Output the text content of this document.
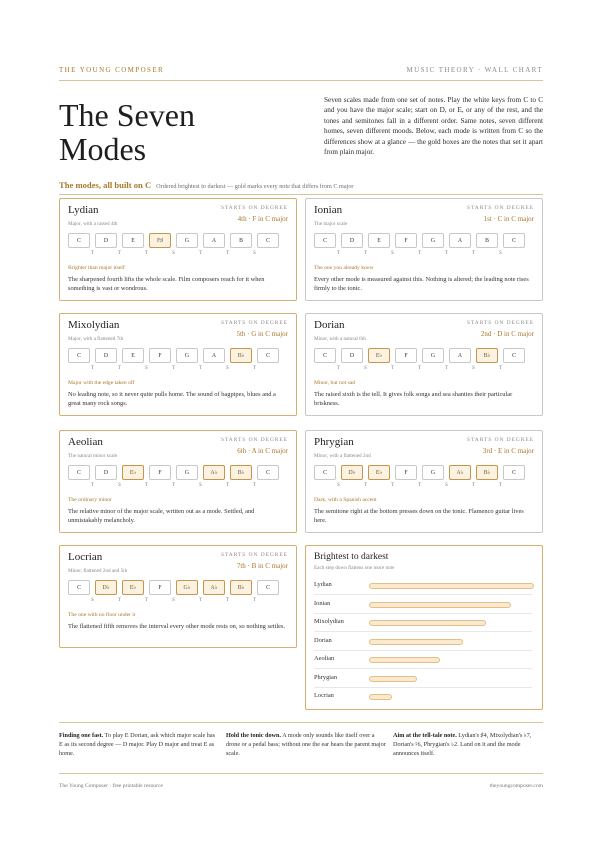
THE YOUNG COMPOSER	MUSIC THEORY · WALL CHART
The Seven
Modes
Seven scales made from one set of notes. Play the white keys from C to C and you have the major scale; start on D, or E, or any of the rest, and the tones and semitones fall in a different order. Same notes, seven different homes, seven different moods. Below, each mode is written from C so the differences show at a glance — the gold boxes are the notes that set it apart from plain major.
The modes, all built on C Ordered brightest to darkest — gold marks every note that differs from C major
Lydian
Major, with a raised 4th
STARTS ON DEGREE
4th · F in C major
C	D	E	F♯	G	A	B	C
T	T	T	S	T	T	S
Brighter than major itself
The sharpened fourth lifts the whole scale. Film composers reach for it when something is vast or wondrous.
Ionian
The major scale
STARTS ON DEGREE
1st · C in C major
C	D	E	F	G	A	B	C
T	T	S	T	T	T	S
The one you already know
Every other mode is measured against this. Nothing is altered; the leading note rises firmly to the tonic.
Mixolydian
Major, with a flattened 7th
STARTS ON DEGREE
5th · G in C major
C	D	E	F	G	A	B♭	C
T	T	S	T	T	S	T
Major with the edge taken off
No leading note, so it never quite pulls home. The sound of bagpipes, blues and a great many rock songs.
Dorian
Minor, with a natural 6th
STARTS ON DEGREE
2nd · D in C major
C	D	E♭	F	G	A	B♭	C
T	S	T	T	T	S	T
Minor, but not sad
The raised sixth is the tell. It gives folk songs and sea shanties their particular briskness.
Aeolian
The natural minor scale
STARTS ON DEGREE
6th · A in C major
C	D	E♭	F	G	A♭	B♭	C
T	S	T	T	S	T	T
The ordinary minor
The relative minor of the major scale, written out as a mode. Settled, and unmistakably melancholy.
Phrygian
Minor, with a flattened 2nd
STARTS ON DEGREE
3rd · E in C major
C	D♭	E♭	F	G	A♭	B♭	C
S	T	T	T	S	T	T
Dark, with a Spanish accent
The semitone right at the bottom presses down on the tonic. Flamenco guitar lives here.
Locrian
Minor, flattened 2nd and 5th
STARTS ON DEGREE
7th · B in C major
C	D♭	E♭	F	G♭	A♭	B♭	C
S	T	T	S	T	T	T
The one with no floor under it
The flattened fifth removes the interval every other mode rests on, so nothing settles.
Brightest to darkest
Each step down flattens one more note
Lydian
Ionian
Mixolydian
Dorian
Aeolian
Phrygian
Locrian
Finding one fast. To play E Dorian, ask which major scale has E as its second degree — D major. Play D major and treat E as home.
Hold the tonic down. A mode only sounds like itself over a drone or a pedal bass; without one the ear hears the parent major scale.
Aim at the tell-tale note. Lydian's ♯4, Mixolydian's ♭7, Dorian's ♮6, Phrygian's ♭2. Land on it and the mode announces itself.
The Young Composer · free printable resource	theyoungcomposer.com
